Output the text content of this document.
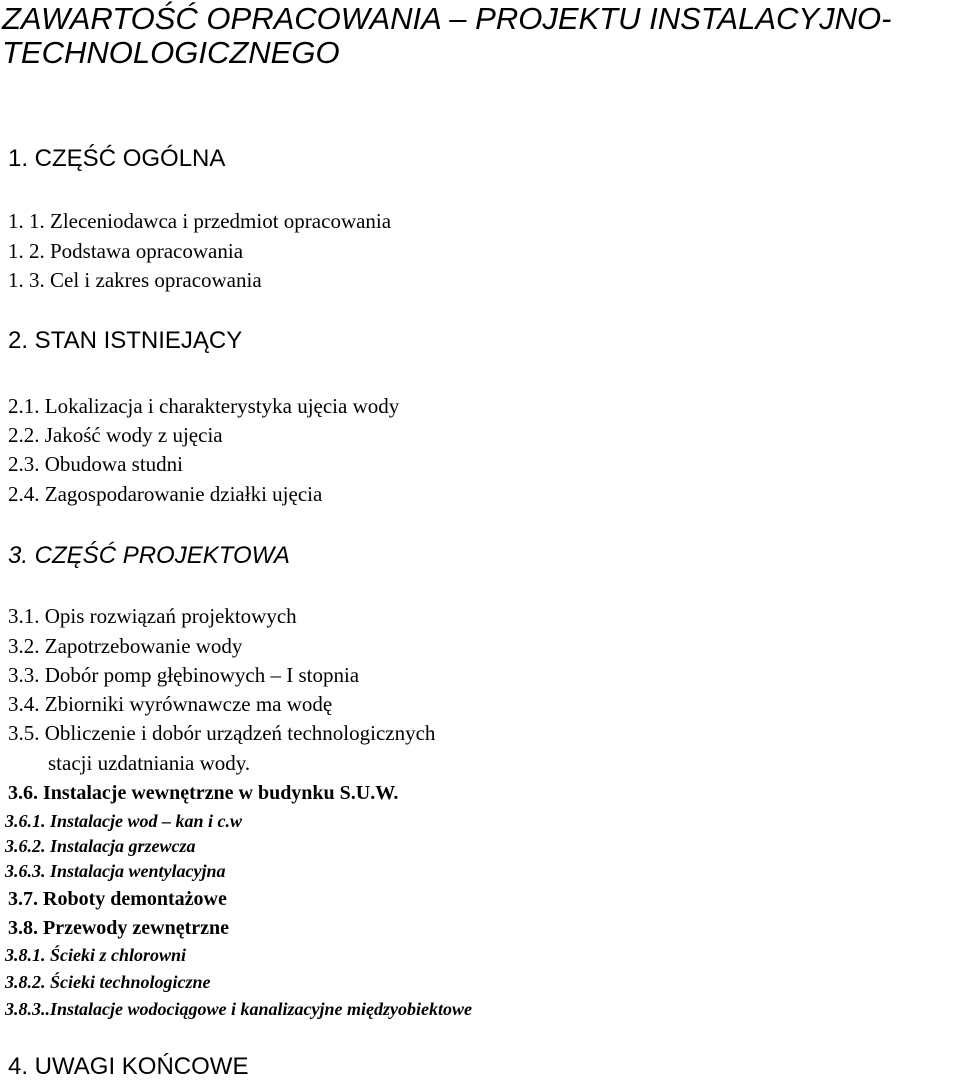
ZAWARTOŚĆ OPRACOWANIA – PROJEKTU INSTALACYJNO-

TECHNOLOGICZNEGO

1. CZĘŚĆ OGÓLNA

1. 1. Zleceniodawca i przedmiot opracowania

1. 2. Podstawa opracowania

1. 3. Cel i zakres opracowania

2. STAN ISTNIEJĄCY

2.1. Lokalizacja i charakterystyka ujęcia wody

2.2. Jakość wody z ujęcia

2.3. Obudowa studni

2.4. Zagospodarowanie działki ujęcia

3. CZĘŚĆ PROJEKTOWA

3.1. Opis rozwiązań projektowych

3.2. Zapotrzebowanie wody

3.3. Dobór pomp głębinowych – I stopnia

3.4. Zbiorniki wyrównawcze ma wodę

3.5. Obliczenie i dobór urządzeń technologicznych

stacji uzdatniania wody.

3.6. Instalacje wewnętrzne w budynku S.U.W.

3.6.1. Instalacje wod – kan i c.w

3.6.2. Instalacja grzewcza

3.6.3. Instalacja wentylacyjna

3.7. Roboty demontażowe

3.8. Przewody zewnętrzne

3.8.1. Ścieki z chlorowni

3.8.2. Ścieki technologiczne

3.8.3..Instalacje wodociągowe i kanalizacyjne międzyobiektowe

4. UWAGI KOŃCOWE
